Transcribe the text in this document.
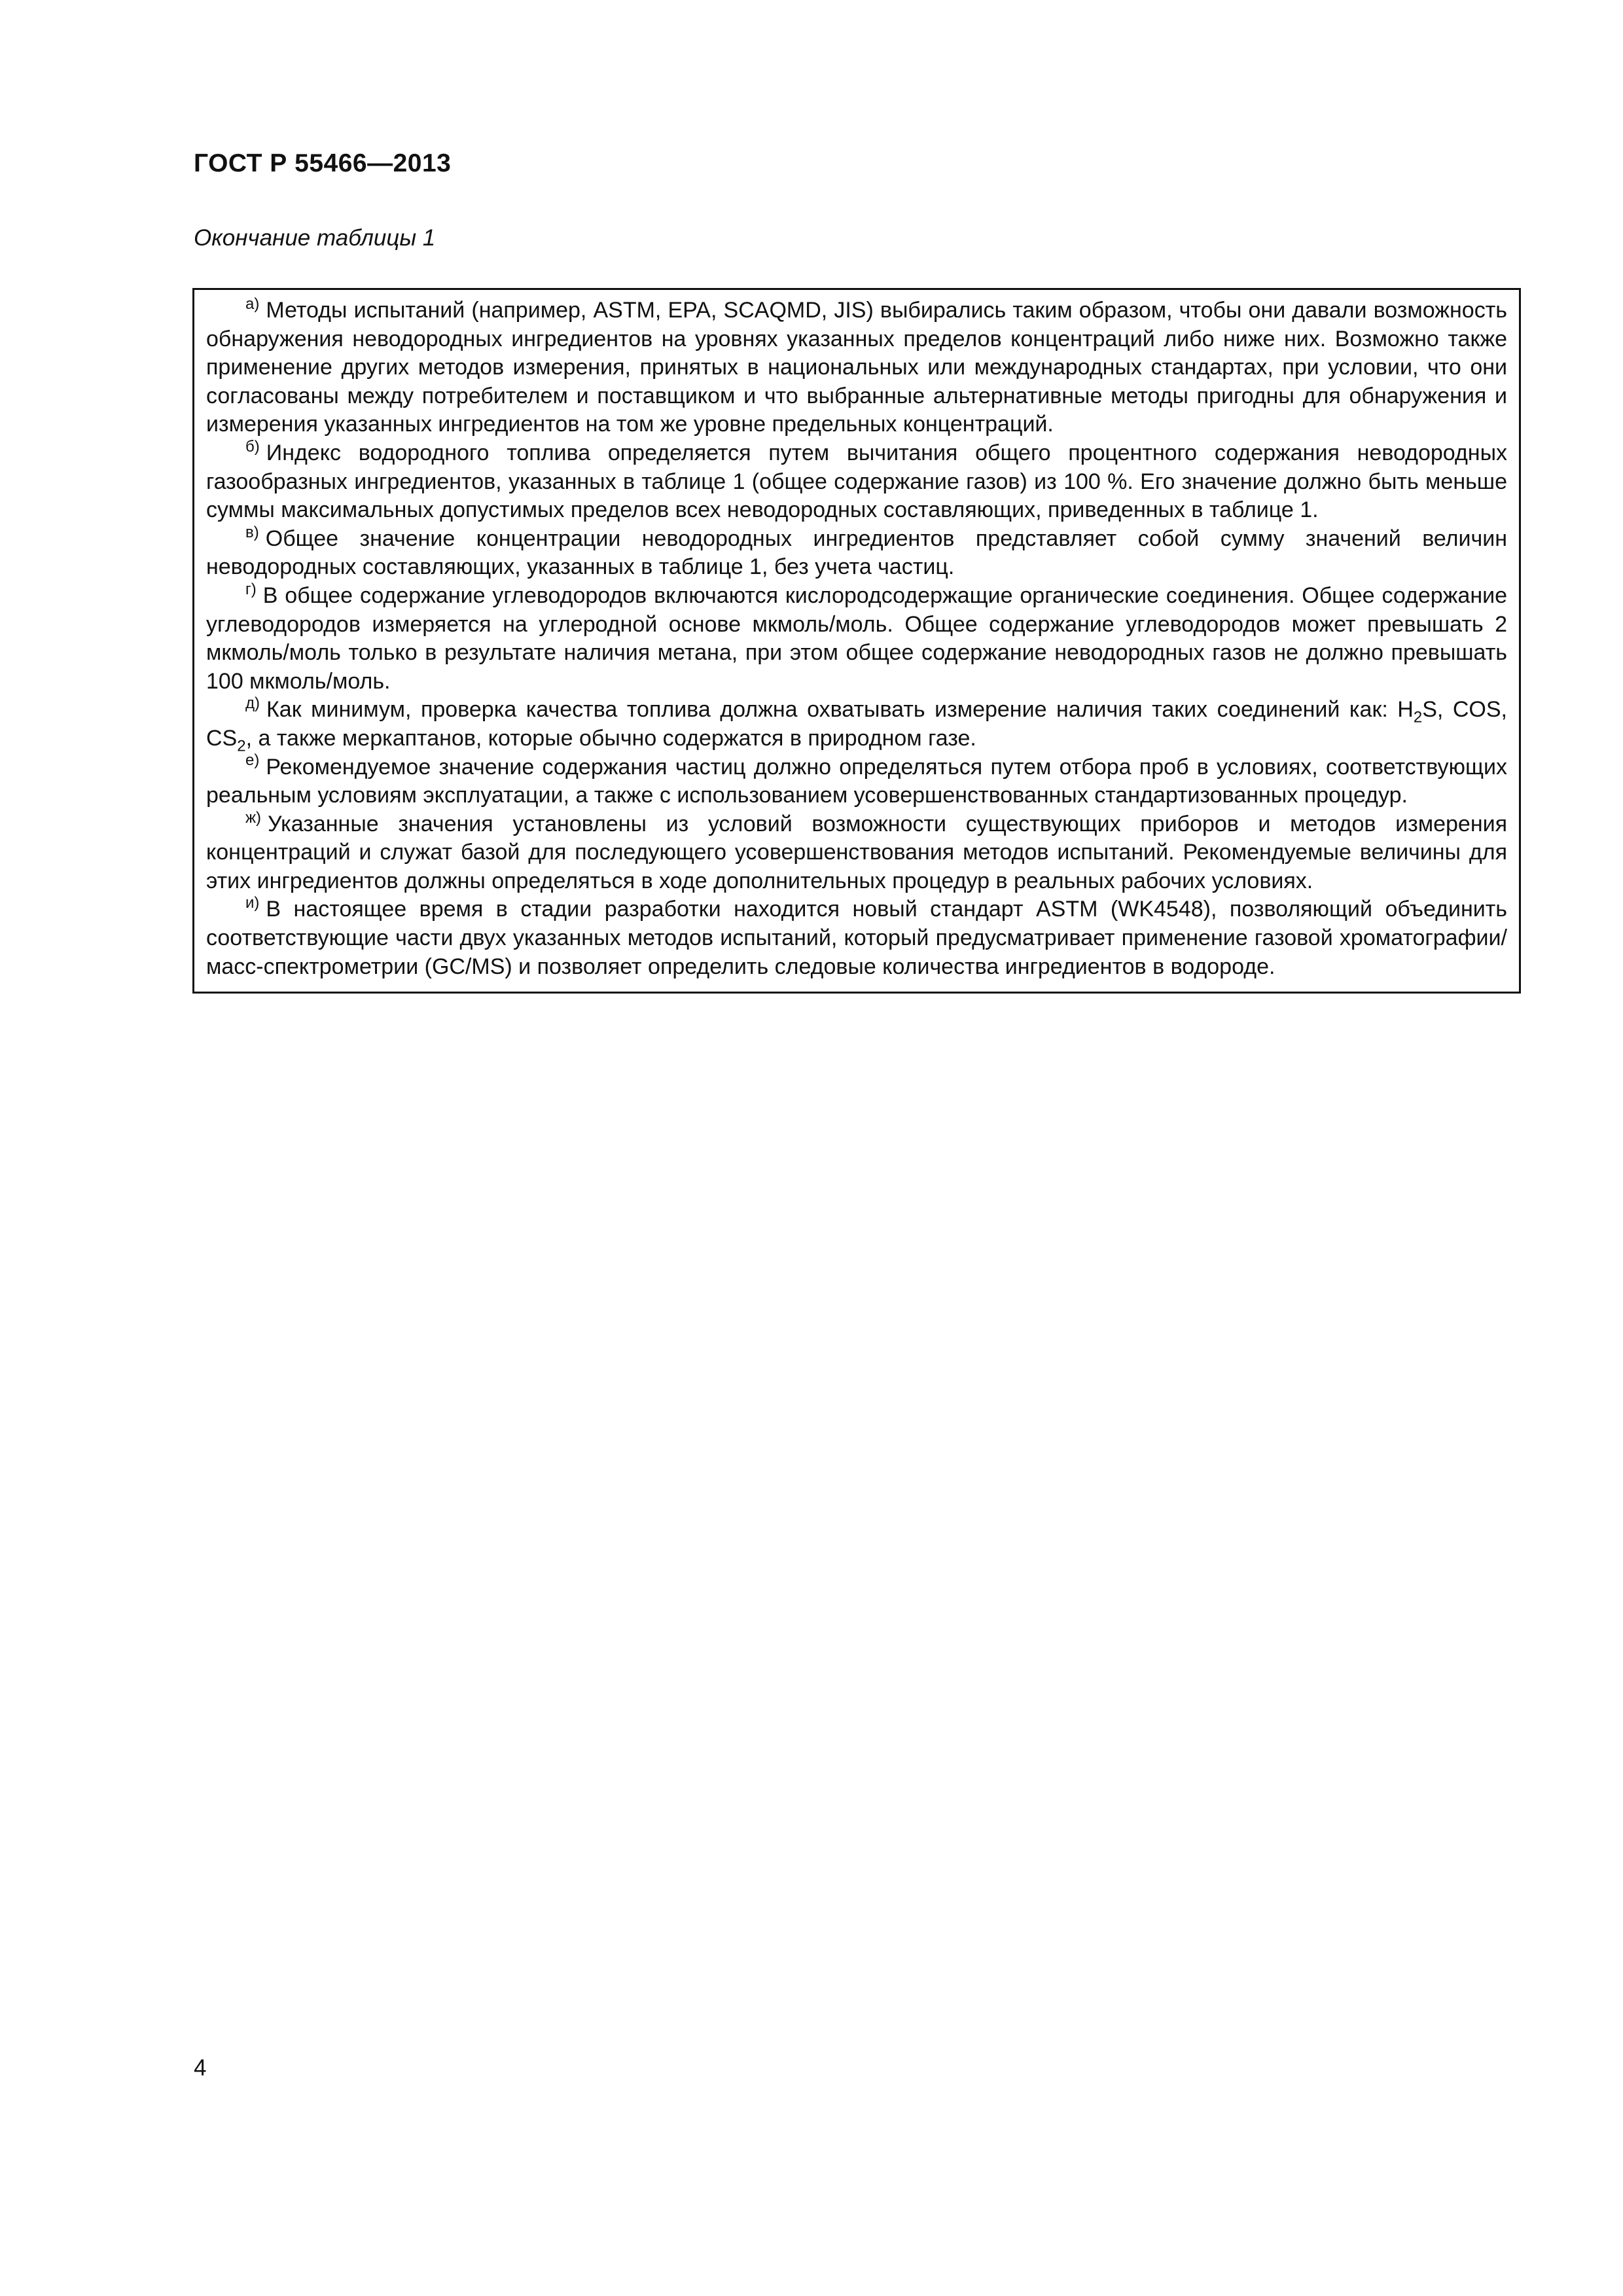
ГОСТ Р 55466—2013
Окончание таблицы 1

$^{а)}$ Методы испытаний (например, ASTM, EPA, SCAQMD, JIS) выбирались таким образом, чтобы они давали возможность обнаружения неводородных ингредиентов на уровнях указанных пределов концентраций либо ниже них. Возможно также применение других методов измерения, принятых в национальных или международных стандартах, при условии, что они согласованы между потребителем и поставщиком и что выбранные альтернативные методы пригодны для обнаружения и измерения указанных ингредиентов на том же уровне предельных концентраций.

$^{б)}$ Индекс водородного топлива определяется путем вычитания общего процентного содержания неводородных газообразных ингредиентов, указанных в таблице 1 (общее содержание газов) из 100 %. Его значение должно быть меньше суммы максимальных допустимых пределов всех неводородных составляющих, приведенных в таблице 1.

$^{в)}$ Общее значение концентрации неводородных ингредиентов представляет собой сумму значений величин неводородных составляющих, указанных в таблице 1, без учета частиц.

$^{г)}$ В общее содержание углеводородов включаются кислородсодержащие органические соединения. Общее содержание углеводородов измеряется на углеродной основе мкмоль/моль. Общее содержание углеводородов может превышать 2 мкмоль/моль только в результате наличия метана, при этом общее содержание неводородных газов не должно превышать 100 мкмоль/моль.

$^{д)}$ Как минимум, проверка качества топлива должна охватывать измерение наличия таких соединений как: $H_2S$, COS, $CS_2$, а также меркаптанов, которые обычно содержатся в природном газе.

$^{е)}$ Рекомендуемое значение содержания частиц должно определяться путем отбора проб в условиях, соответствующих реальным условиям эксплуатации, а также с использованием усовершенствованных стандартизованных процедур.

$^{ж)}$ Указанные значения установлены из условий возможности существующих приборов и методов измерения концентраций и служат базой для последующего усовершенствования методов испытаний. Рекомендуемые величины для этих ингредиентов должны определяться в ходе дополнительных процедур в реальных рабочих условиях.

$^{и)}$ В настоящее время в стадии разработки находится новый стандарт ASTM (WK4548), позволяющий объединить соответствующие части двух указанных методов испытаний, который предусматривает применение газовой хроматографии/масс-спектрометрии (GC/MS) и позволяет определить следовые количества ингредиентов в водороде.

4
